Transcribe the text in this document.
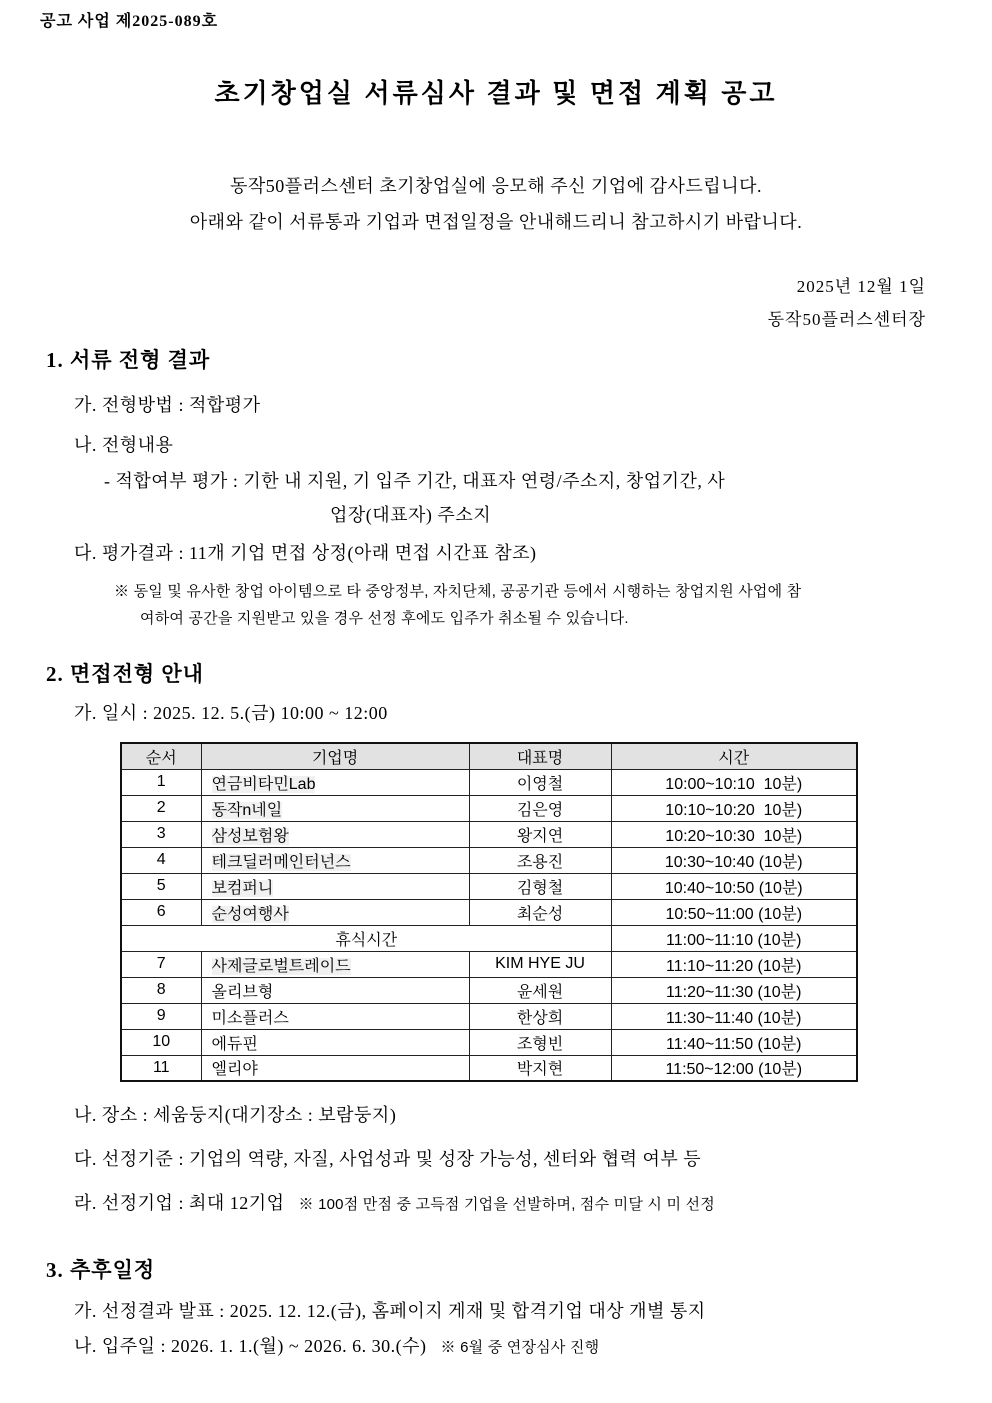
공고 사업 제2025-089호
초기창업실 서류심사 결과 및 면접 계획 공고
동작50플러스센터 초기창업실에 응모해 주신 기업에 감사드립니다.
아래와 같이 서류통과 기업과 면접일정을 안내해드리니 참고하시기 바랍니다.
2025년 12월 1일
동작50플러스센터장
1. 서류 전형 결과
가. 전형방법 : 적합평가
나. 전형내용
- 적합여부 평가 : 기한 내 지원, 기 입주 기간, 대표자 연령/주소지, 창업기간, 사
업장(대표자) 주소지
다. 평가결과 : 11개 기업 면접 상정(아래 면접 시간표 참조)
※ 동일 및 유사한 창업 아이템으로 타 중앙정부, 자치단체, 공공기관 등에서 시행하는 창업지원 사업에 참
여하여 공간을 지원받고 있을 경우 선정 후에도 입주가 취소될 수 있습니다.
2. 면접전형 안내
가. 일시 : 2025. 12. 5.(금) 10:00 ~ 12:00
순서	기업명	대표명	시간
1	연금비타민Lab	이영철	10:00~10:10  10분)
2	동작n네일	김은영	10:10~10:20  10분)
3	삼성보험왕	왕지연	10:20~10:30  10분)
4	테크딜러메인터넌스	조용진	10:30~10:40 (10분)
5	보컴퍼니	김형철	10:40~10:50 (10분)
6	순성여행사	최순성	10:50~11:00 (10분)
휴식시간			11:00~11:10 (10분)
7	사제글로벌트레이드	KIM HYE JU	11:10~11:20 (10분)
8	올리브형	윤세원	11:20~11:30 (10분)
9	미소플러스	한상희	11:30~11:40 (10분)
10	에듀핀	조형빈	11:40~11:50 (10분)
11	엘리야	박지현	11:50~12:00 (10분)
나. 장소 : 세움둥지(대기장소 : 보람둥지)
다. 선정기준 : 기업의 역량, 자질, 사업성과 및 성장 가능성, 센터와 협력 여부 등
라. 선정기업 : 최대 12기업 ※ 100점 만점 중 고득점 기업을 선발하며, 점수 미달 시 미 선정
3. 추후일정
가. 선정결과 발표 : 2025. 12. 12.(금), 홈페이지 게재 및 합격기업 대상 개별 통지
나. 입주일 : 2026. 1. 1.(월) ~ 2026. 6. 30.(수) ※ 6월 중 연장심사 진행
